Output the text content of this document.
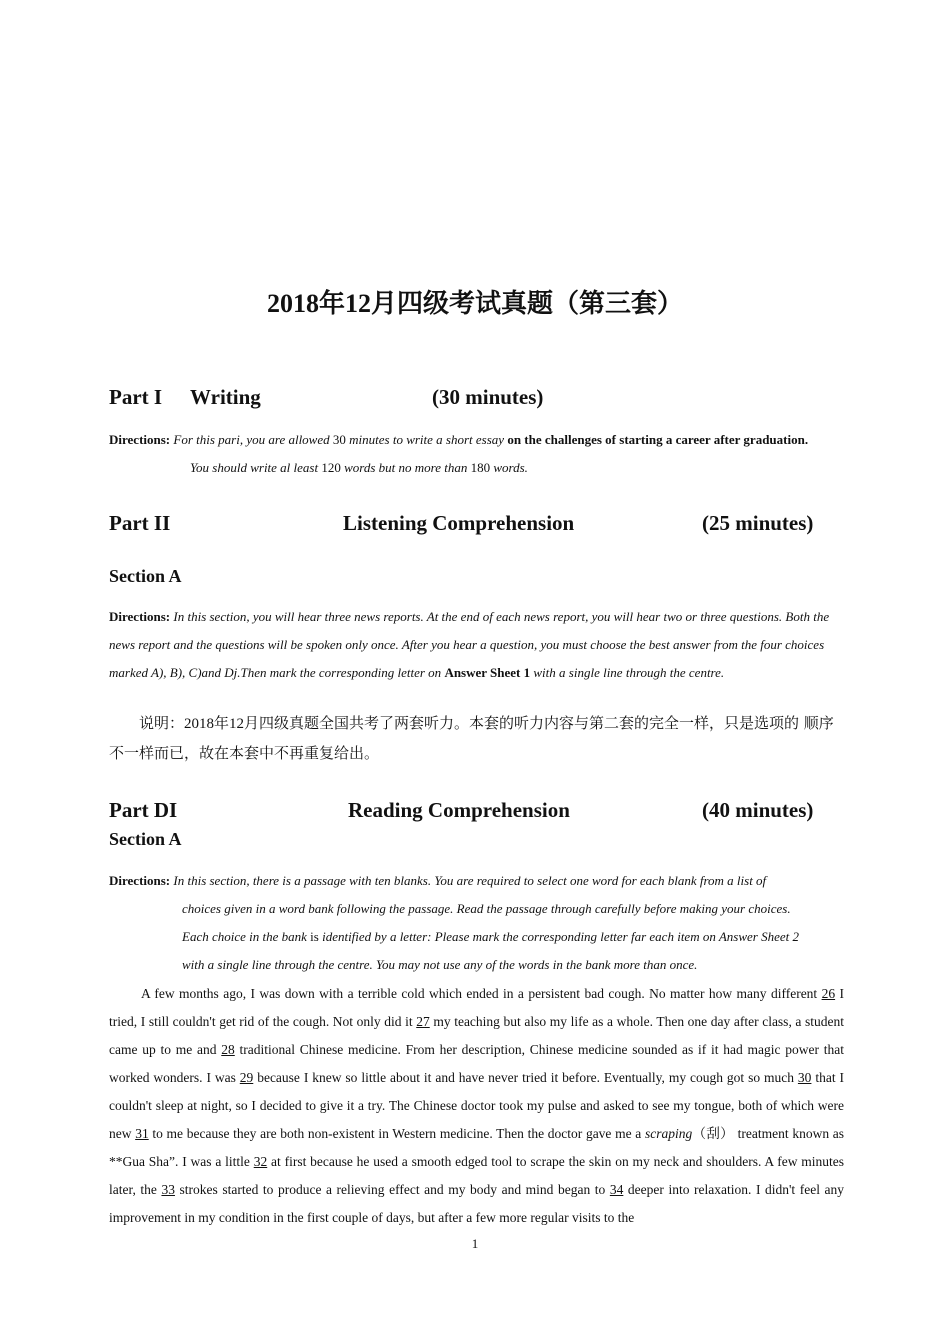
2018年12月四级考试真题（第三套）
Part I Writing	(30 minutes)
Directions: For this pari, you are allowed 30 minutes to write a short essay on the challenges of starting a career after graduation.
You should write al least 120 words but no more than 180 words.
Part II	Listening Comprehension	(25 minutes)
Section A
Directions: In this section, you will hear three news reports. At the end of each news report, you will hear two or three questions. Both the news report and the questions will be spoken only once. After you hear a question, you must choose the best answer from the four choices marked A), B), C)and Dj.Then mark the corresponding letter on Answer Sheet 1 with a single line through the centre.
说明：2018年12月四级真题全国共考了两套听力。本套的听力内容与第二套的完全一样，只是选项的 顺序不一样而已，故在本套中不再重复给出。
Part DI	Reading Comprehension	(40 minutes)
Section A
Directions: In this section, there is a passage with ten blanks. You are required to select one word for each blank from a list of
choices given in a word bank following the passage. Read the passage through carefully before making your choices.
Each choice in the bank is identified by a letter: Please mark the corresponding letter far each item on Answer Sheet 2
with a single line through the centre. You may not use any of the words in the bank more than once.
A few months ago, I was down with a terrible cold which ended in a persistent bad cough. No matter how many different 26 I tried, I still couldn't get rid of the cough. Not only did it 27 my teaching but also my life as a whole. Then one day after class, a student came up to me and 28 traditional Chinese medicine. From her description, Chinese medicine sounded as if it had magic power that worked wonders. I was 29 because I knew so little about it and have never tried it before. Eventually, my cough got so much 30 that I couldn't sleep at night, so I decided to give it a try. The Chinese doctor took my pulse and asked to see my tongue, both of which were new 31 to me because they are both non-existent in Western medicine. Then the doctor gave me a scraping（刮） treatment known as **Gua Sha”. I was a little 32 at first because he used a smooth edged tool to scrape the skin on my neck and shoulders. A few minutes later, the 33 strokes started to produce a relieving effect and my body and mind began to 34 deeper into relaxation. I didn't feel any improvement in my condition in the first couple of days, but after a few more regular visits to the
1
